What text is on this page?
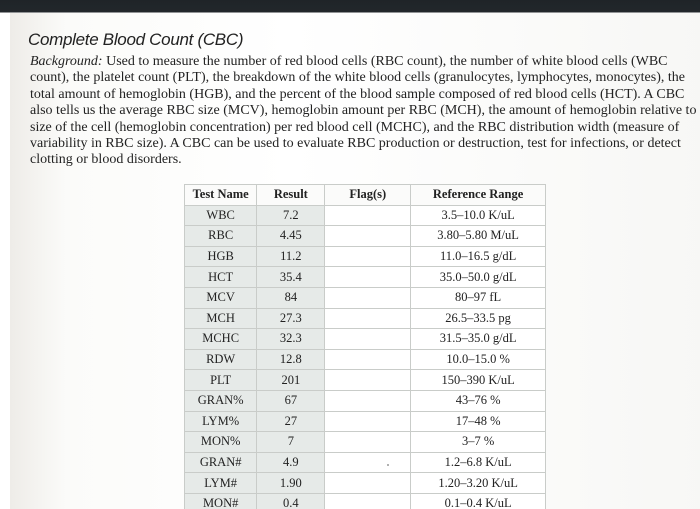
Complete Blood Count (CBC)

Background: Used to measure the number of red blood cells (RBC count), the number of white blood cells (WBC count), the platelet count (PLT), the breakdown of the white blood cells (granulocytes, lymphocytes, monocytes), the total amount of hemoglobin (HGB), and the percent of the blood sample composed of red blood cells (HCT). A CBC also tells us the average RBC size (MCV), hemoglobin amount per RBC (MCH), the amount of hemoglobin relative to size of the cell (hemoglobin concentration) per red blood cell (MCHC), and the RBC distribution width (measure of variability in RBC size). A CBC can be used to evaluate RBC production or destruction, test for infections, or detect clotting or blood disorders.

Test Name	Result	Flag(s)	Reference Range
WBC	7.2		3.5–10.0 K/uL
RBC	4.45		3.80–5.80 M/uL
HGB	11.2		11.0–16.5 g/dL
HCT	35.4		35.0–50.0 g/dL
MCV	84		80–97 fL
MCH	27.3		26.5–33.5 pg
MCHC	32.3		31.5–35.0 g/dL
RDW	12.8		10.0–15.0 %
PLT	201		150–390 K/uL
GRAN%	67		43–76 %
LYM%	27		17–48 %
MON%	7		3–7 %
GRAN#	4.9		1.2–6.8 K/uL
LYM#	1.90		1.20–3.20 K/uL
MON#	0.4		0.1–0.4 K/uL
